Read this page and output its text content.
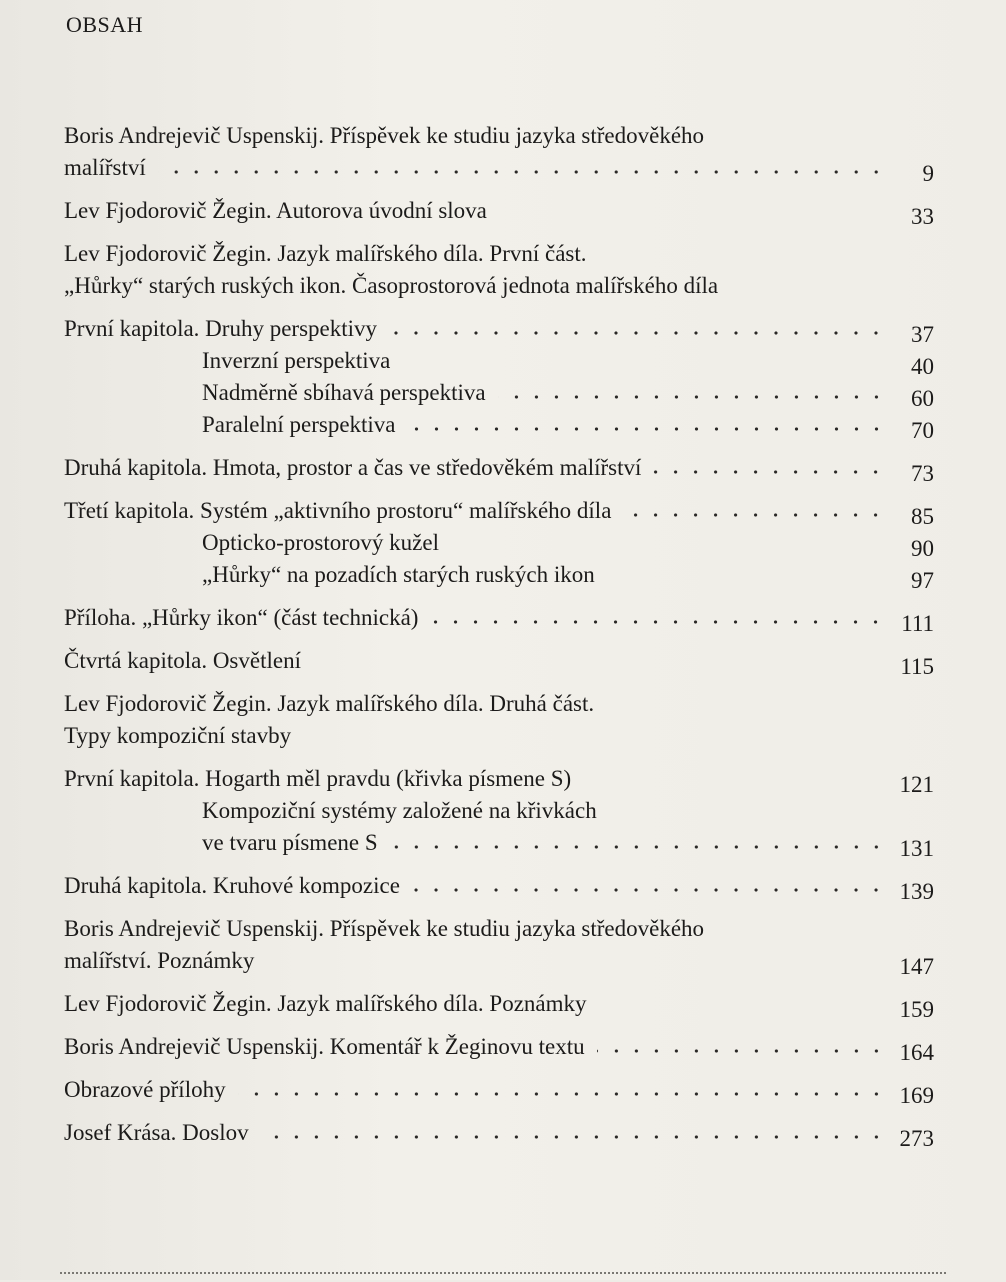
OBSAH
Boris Andrejevič Uspenskij. Příspěvek ke studiu jazyka středověkého
malířství	9
Lev Fjodorovič Žegin. Autorova úvodní slova	33
Lev Fjodorovič Žegin. Jazyk malířského díla. První část.
„Hůrky“ starých ruských ikon. Časoprostorová jednota malířského díla
První kapitola. Druhy perspektivy	37
Inverzní perspektiva	40
Nadměrně sbíhavá perspektiva	60
Paralelní perspektiva	70
Druhá kapitola. Hmota, prostor a čas ve středověkém malířství	73
Třetí kapitola. Systém „aktivního prostoru“ malířského díla	85
Opticko-prostorový kužel	90
„Hůrky“ na pozadích starých ruských ikon	97
Příloha. „Hůrky ikon“ (část technická)	111
Čtvrtá kapitola. Osvětlení	115
Lev Fjodorovič Žegin. Jazyk malířského díla. Druhá část.
Typy kompoziční stavby
První kapitola. Hogarth měl pravdu (křivka písmene S)	121
Kompoziční systémy založené na křivkách
ve tvaru písmene S	131
Druhá kapitola. Kruhové kompozice	139
Boris Andrejevič Uspenskij. Příspěvek ke studiu jazyka středověkého
malířství. Poznámky	147
Lev Fjodorovič Žegin. Jazyk malířského díla. Poznámky	159
Boris Andrejevič Uspenskij. Komentář k Žeginovu textu	164
Obrazové přílohy	169
Josef Krása. Doslov	273
